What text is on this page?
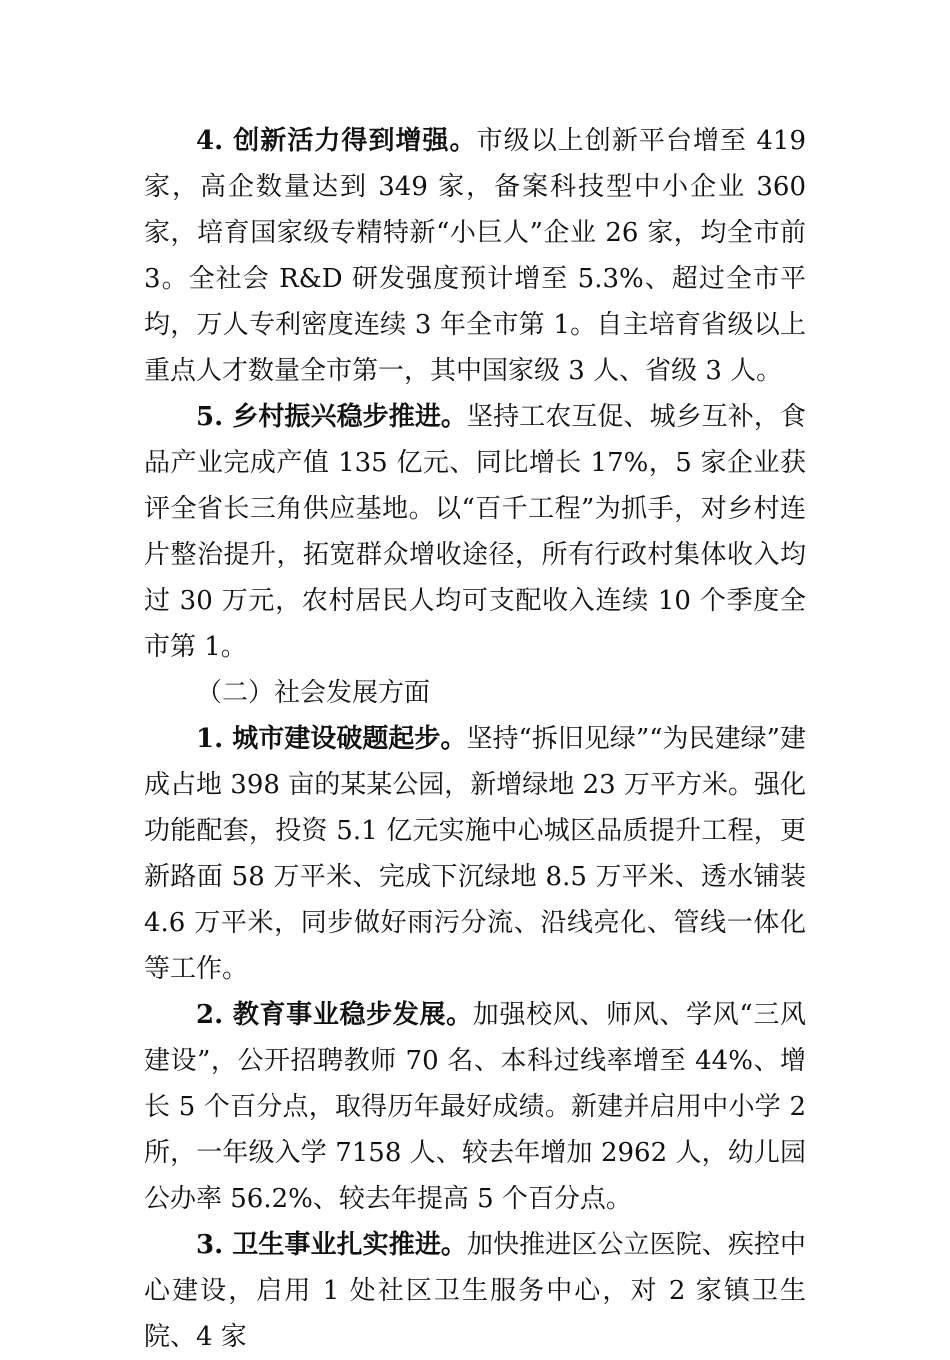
4. 创新活力得到增强。市级以上创新平台增至 419 家，高企数量达到 349 家，备案科技型中小企业 360 家，培育国家级专精特新“小巨人”企业 26 家，均全市前 3。全社会 R&D 研发强度预计增至 5.3%、超过全市平均，万人专利密度连续 3 年全市第 1。自主培育省级以上重点人才数量全市第一，其中国家级 3 人、省级 3 人。

5. 乡村振兴稳步推进。坚持工农互促、城乡互补，食品产业完成产值 135 亿元、同比增长 17%，5 家企业获评全省长三角供应基地。以“百千工程”为抓手，对乡村连片整治提升，拓宽群众增收途径，所有行政村集体收入均过 30 万元，农村居民人均可支配收入连续 10 个季度全市第 1。

（二）社会发展方面

1. 城市建设破题起步。坚持“拆旧见绿”“为民建绿”建成占地 398 亩的某某公园，新增绿地 23 万平方米。强化功能配套，投资 5.1 亿元实施中心城区品质提升工程，更新路面 58 万平米、完成下沉绿地 8.5 万平米、透水铺装 4.6 万平米，同步做好雨污分流、沿线亮化、管线一体化等工作。

2. 教育事业稳步发展。加强校风、师风、学风“三风建设”，公开招聘教师 70 名、本科过线率增至 44%、增长 5 个百分点，取得历年最好成绩。新建并启用中小学 2 所，一年级入学 7158 人、较去年增加 2962 人，幼儿园公办率 56.2%、较去年提高 5 个百分点。

3. 卫生事业扎实推进。加快推进区公立医院、疾控中心建设，启用 1 处社区卫生服务中心，对 2 家镇卫生院、4 家
